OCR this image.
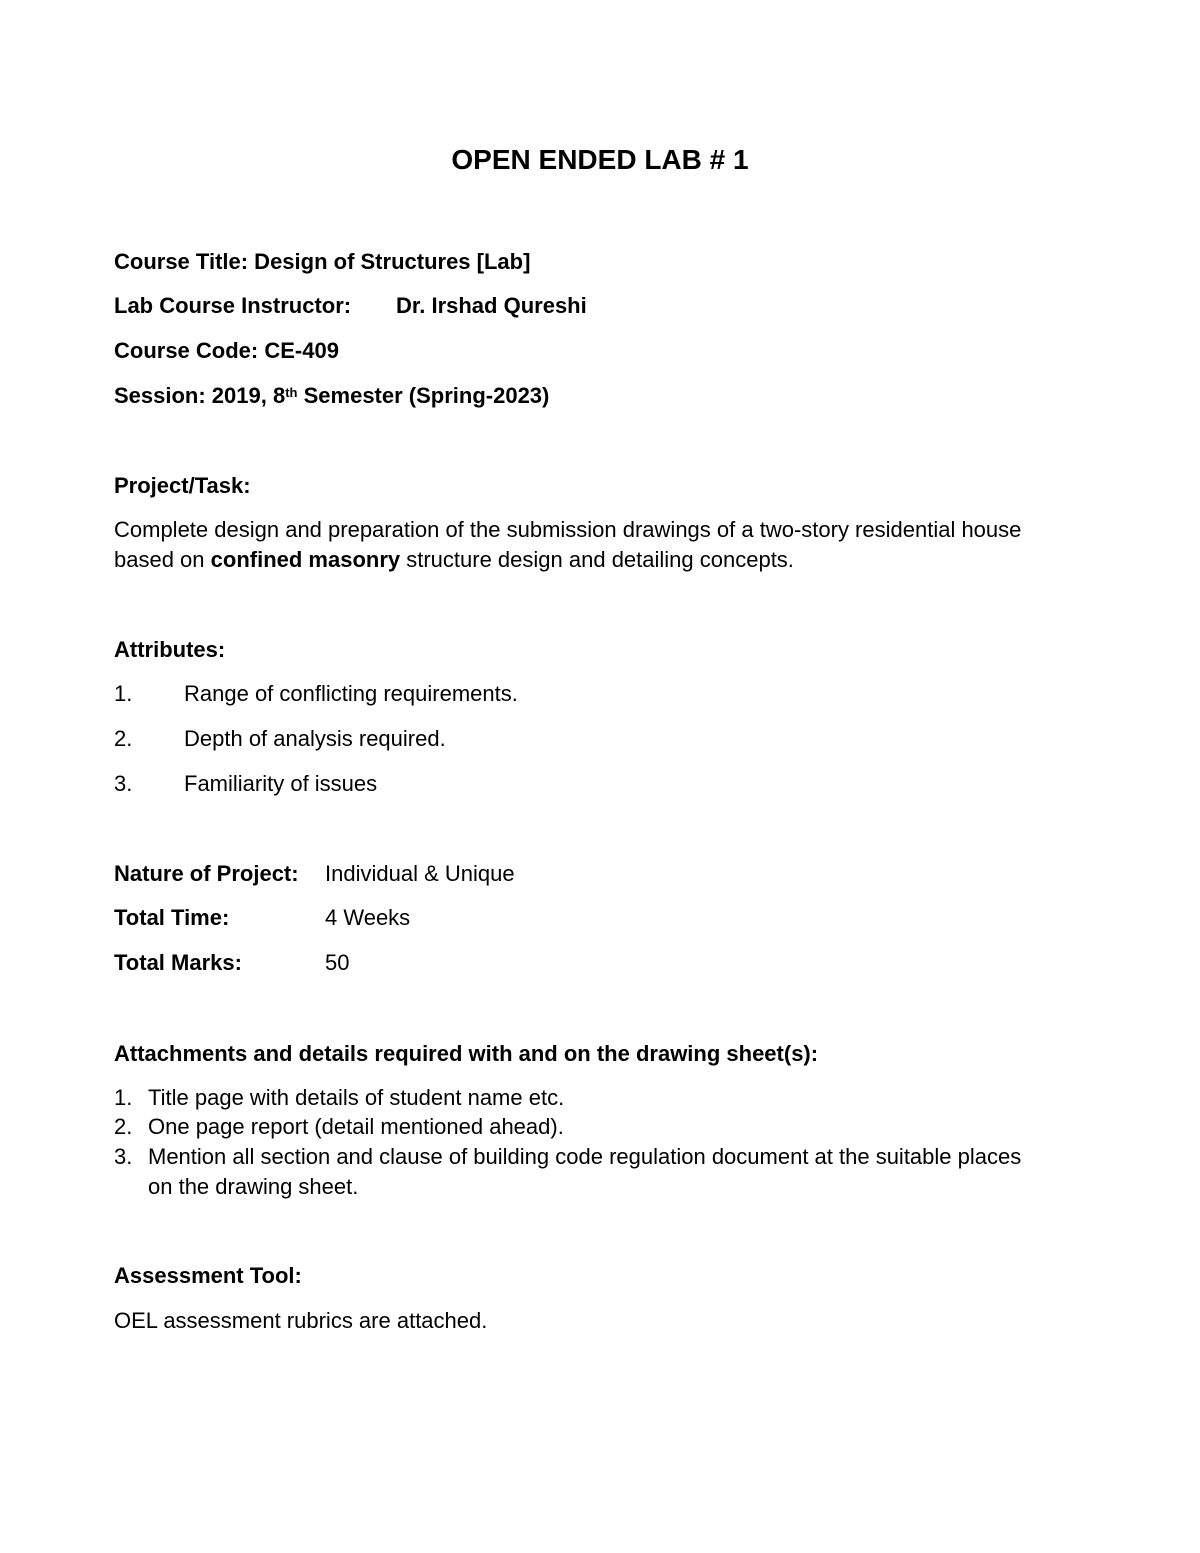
OPEN ENDED LAB # 1
Course Title: Design of Structures [Lab]
Lab Course Instructor: Dr. Irshad Qureshi
Course Code: CE-409
Session: 2019, 8th Semester (Spring-2023)
Project/Task:
Complete design and preparation of the submission drawings of a two-story residential house
based on confined masonry structure design and detailing concepts.
Attributes:
1. Range of conflicting requirements.
2. Depth of analysis required.
3. Familiarity of issues
Nature of Project: Individual & Unique
Total Time:	4 Weeks
Total Marks:	50
Attachments and details required with and on the drawing sheet(s):
1. Title page with details of student name etc.
2. One page report (detail mentioned ahead).
3. Mention all section and clause of building code regulation document at the suitable places
on the drawing sheet.
Assessment Tool:
OEL assessment rubrics are attached.
